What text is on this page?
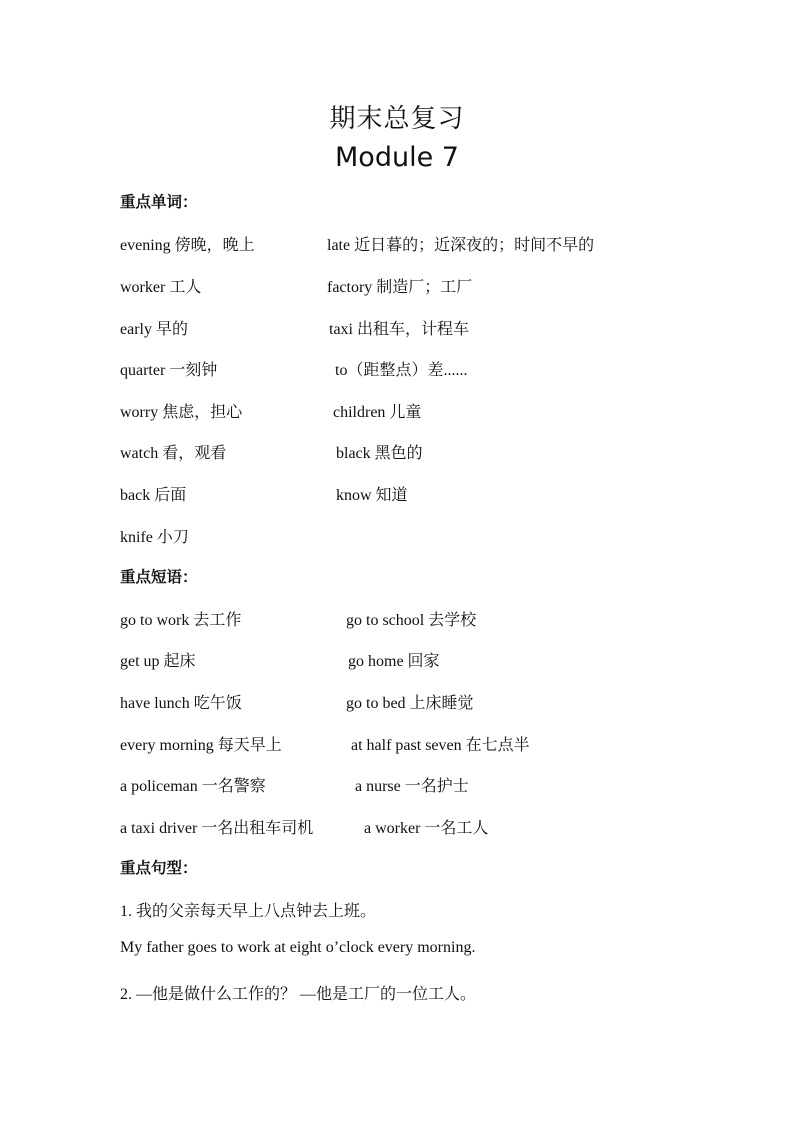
期末总复习
Module 7
重点单词：
evening 傍晚，晚上	late 近日暮的；近深夜的；时间不早的
worker 工人	factory 制造厂；工厂
early 早的	taxi 出租车，计程车
quarter 一刻钟	to（距整点）差......
worry 焦虑，担心	children 儿童
watch 看，观看	black 黑色的
back 后面	know 知道
knife 小刀
重点短语：
go to work 去工作	go to school 去学校
get up 起床	go home 回家
have lunch 吃午饭	go to bed 上床睡觉
every morning 每天早上	at half past seven 在七点半
a policeman 一名警察	a nurse 一名护士
a taxi driver 一名出租车司机	a worker 一名工人
重点句型：
1. 我的父亲每天早上八点钟去上班。
My father goes to work at eight o’clock every morning.
2. —他是做什么工作的？ —他是工厂的一位工人。
